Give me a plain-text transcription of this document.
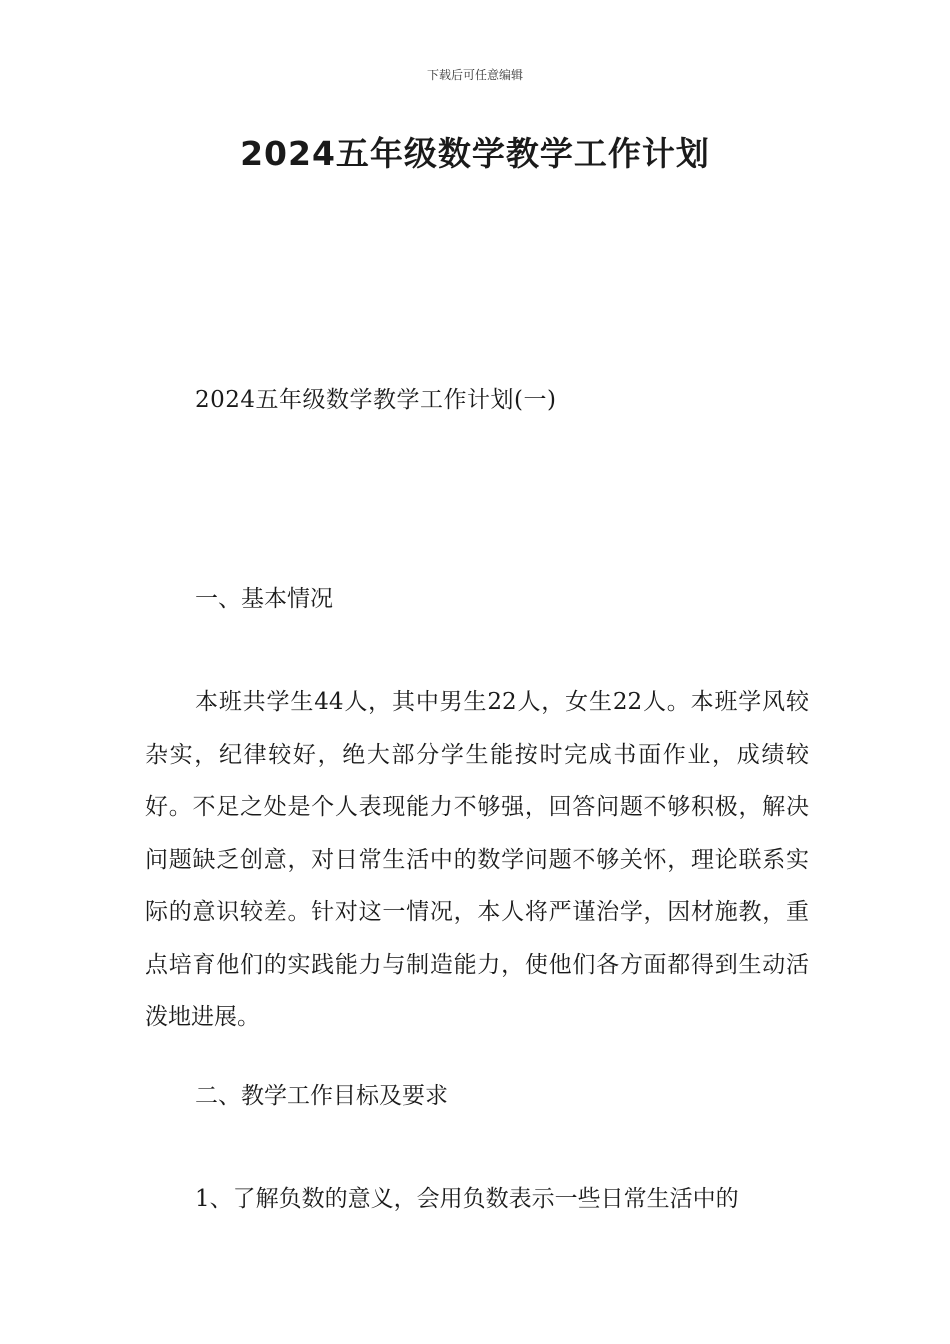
下载后可任意编辑
2024五年级数学教学工作计划
2024五年级数学教学工作计划(一)
一、基本情况

本班共学生44人，其中男生22人，女生22人。本班学风较杂实，纪律较好，绝大部分学生能按时完成书面作业，成绩较好。不足之处是个人表现能力不够强，回答问题不够积极，解决问题缺乏创意，对日常生活中的数学问题不够关怀，理论联系实际的意识较差。针对这一情况，本人将严谨治学，因材施教，重点培育他们的实践能力与制造能力，使他们各方面都得到生动活泼地进展。

二、教学工作目标及要求
1、了解负数的意义，会用负数表示一些日常生活中的
